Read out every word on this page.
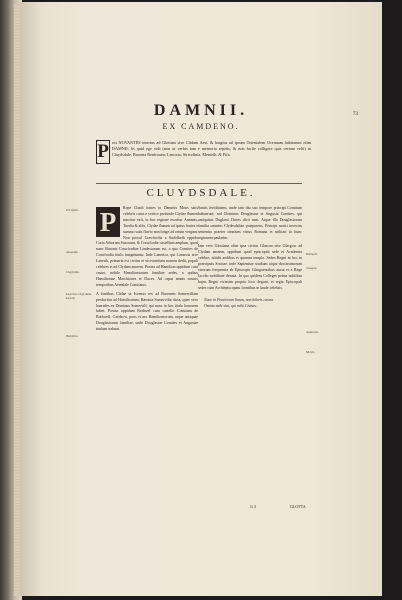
73
DAMNII.
EX CAMDENO.
P ost NOVANTES interius ad Glottam sive Clidam Aest. & longius ad ipsum Orientalem Oceanum habitarunt olim DAMNII; lis quid ege vidi (non ut verbis tam e memoria repetis, & non facile colligere quis certam velit) in Cluydsdale, Baronia Renfrouen, Lenoxia, Strivelinia, Menteth, & Fifa.
CLUYDSDALE.
P	Rope Cluidi fontes in Damniis Mons satis celebris cuius e vertice profunde Clydae flumen nascitur exit, in hac regione exoritur Annanis, Tuedia & aliis, Clydae flumen ad ipsius fontes e summo satis fluvio non longe ad ortum vergunt. Non procul Crawfordia a Sudolbeth oppido Corta Arborum Saxosum, & Crawfordie castellum amplum, quod nunc Baronis Crawfordiae Lindesiorum est, a quo Comites de Crawfordia titulo insigniuntur. Inde Lanerica, qui Lanarcia sive Lanerik, primaria est civitas et vicecomitatu nomen dedit, populi celebres et ad Clydam amnem. Postea ad Hamilton oppidum cum castro, nobile Hamiltoniorum familiae sedes, a quibus Hamiltoniae Marchiones et Duces. Ad caput amnis nostris temporibus Avendale Comitatus.

A fontibus Clidae ut Isvenus rex ad Baronem Somervillam perducitur ad Hamiltoniam, Baronia Somervilia dicta, quae vero haeredes ex Dominus Somervill, qui nunc in hoc titulo honorem habet. Postea oppidum Bothwel cum castello Comitum de Bothwell, Caedzow, pons et arx Hamiltoniorum, atque antiquae Douglasiorum familiae, unde Douglasiae Comites et Angusiae titulum trahunt.

Santis fertilitatem, unde tam diu suo tempore principi Comitum habuerunt, sed Dominus Douglasiae et Angusia Comites, qui antiquitus Duglassi Duces dicti sunt. Atque illa Douglasiorum familia omnino Clydesdaliae praepotens, Principi nostri invectas sententia praeter omnium virtus Romana et militari in hunc regionem paulatim.

Iam vero Glottiana olim ipsa civitas Glascua sive Glasgow ad Clydam amnem, oppidum quod episcopali sede et Academia celebre, nitidis aedibus et quarum templo. Sedes Regni in hoc in praecipuis Scotiae, inde Sapientiae studium atque doctissimorum virorum frequentia ab Episcopis Glasguensibus aucta et a Rege Iacobo nobilitate donata. In quo quidem Colleges prima nobilitas hujus Regni vicissim proprio loco degunt, et regia Episcopali sedes cum Archiepiscopatu frontibus in laude celebris.

Nunc in Ponticeum linum, non hilaris castra

Omnia mihi sint, qui mihi Civitas.

Tricefalia.
Annandia.
Cluyfordia.
Lanerica Cluyf-dalia Lanerk.
Hamilton.
Bothwell.
Glasgow.
Academia.
Mureis.
G 3	GLOTTA
